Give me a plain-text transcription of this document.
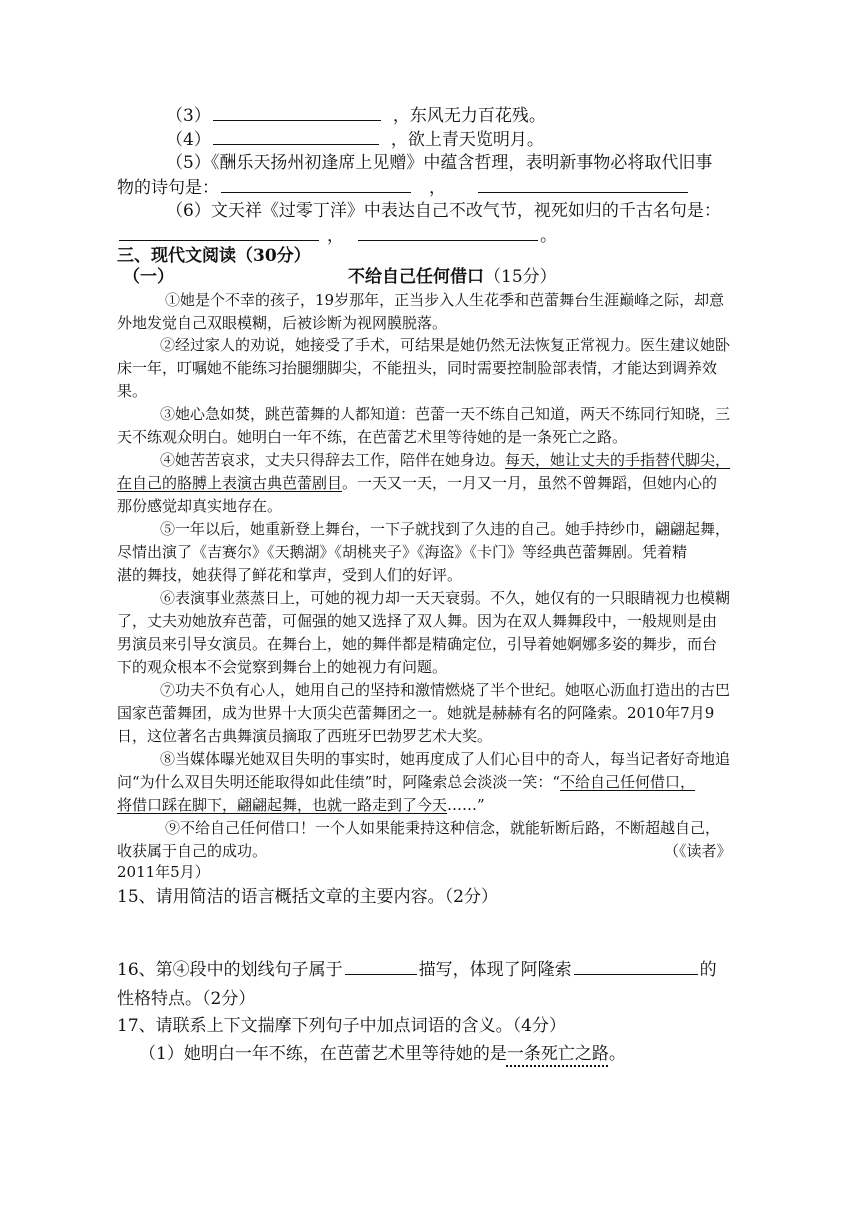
（3）	，东风无力百花残。
（4）	，欲上青天览明月。
（5）《酬乐天扬州初逢席上见赠》中蕴含哲理，表明新事物必将取代旧事
物的诗句是：	，
（6）文天祥《过零丁洋》中表达自己不改气节，视死如归的千古名句是：
，	。
三、现代文阅读（30分）
（一）	不给自己任何借口（15分）
①她是个不幸的孩子，19岁那年，正当步入人生花季和芭蕾舞台生涯巅峰之际，却意
外地发觉自己双眼模糊，后被诊断为视网膜脱落。
②经过家人的劝说，她接受了手术，可结果是她仍然无法恢复正常视力。医生建议她卧
床一年，叮嘱她不能练习抬腿绷脚尖，不能扭头，同时需要控制脸部表情，才能达到调养效
果。
③她心急如焚，跳芭蕾舞的人都知道：芭蕾一天不练自己知道，两天不练同行知晓，三
天不练观众明白。她明白一年不练，在芭蕾艺术里等待她的是一条死亡之路。
④她苦苦哀求，丈夫只得辞去工作，陪伴在她身边。每天，她让丈夫的手指替代脚尖，
在自己的胳膊上表演古典芭蕾剧目。一天又一天，一月又一月，虽然不曾舞蹈，但她内心的
那份感觉却真实地存在。
⑤一年以后，她重新登上舞台，一下子就找到了久违的自己。她手持纱巾，翩翩起舞，
尽情出演了《吉赛尔》《天鹅湖》《胡桃夹子》《海盗》《卡门》等经典芭蕾舞剧。凭着精
湛的舞技，她获得了鲜花和掌声，受到人们的好评。
⑥表演事业蒸蒸日上，可她的视力却一天天衰弱。不久，她仅有的一只眼睛视力也模糊
了，丈夫劝她放弃芭蕾，可倔强的她又选择了双人舞。因为在双人舞舞段中，一般规则是由
男演员来引导女演员。在舞台上，她的舞伴都是精确定位，引导着她婀娜多姿的舞步，而台
下的观众根本不会觉察到舞台上的她视力有问题。
⑦功夫不负有心人，她用自己的坚持和激情燃烧了半个世纪。她呕心沥血打造出的古巴
国家芭蕾舞团，成为世界十大顶尖芭蕾舞团之一。她就是赫赫有名的阿隆索。2010年7月9
日，这位著名古典舞演员摘取了西班牙巴勃罗艺术大奖。
⑧当媒体曝光她双目失明的事实时，她再度成了人们心目中的奇人，每当记者好奇地追
问“为什么双目失明还能取得如此佳绩”时，阿隆索总会淡淡一笑：“不给自己任何借口，
将借口踩在脚下，翩翩起舞，也就一路走到了今天……”
⑨不给自己任何借口！一个人如果能秉持这种信念，就能斩断后路，不断超越自己，
收获属于自己的成功。	（《读者》
2011年5月）
15、请用简洁的语言概括文章的主要内容。（2分）
16、第④段中的划线句子属于	描写，体现了阿隆索	的
性格特点。（2分）
17、请联系上下文揣摩下列句子中加点词语的含义。（4分）
（1）她明白一年不练，在芭蕾艺术里等待她的是一条死亡之路。
